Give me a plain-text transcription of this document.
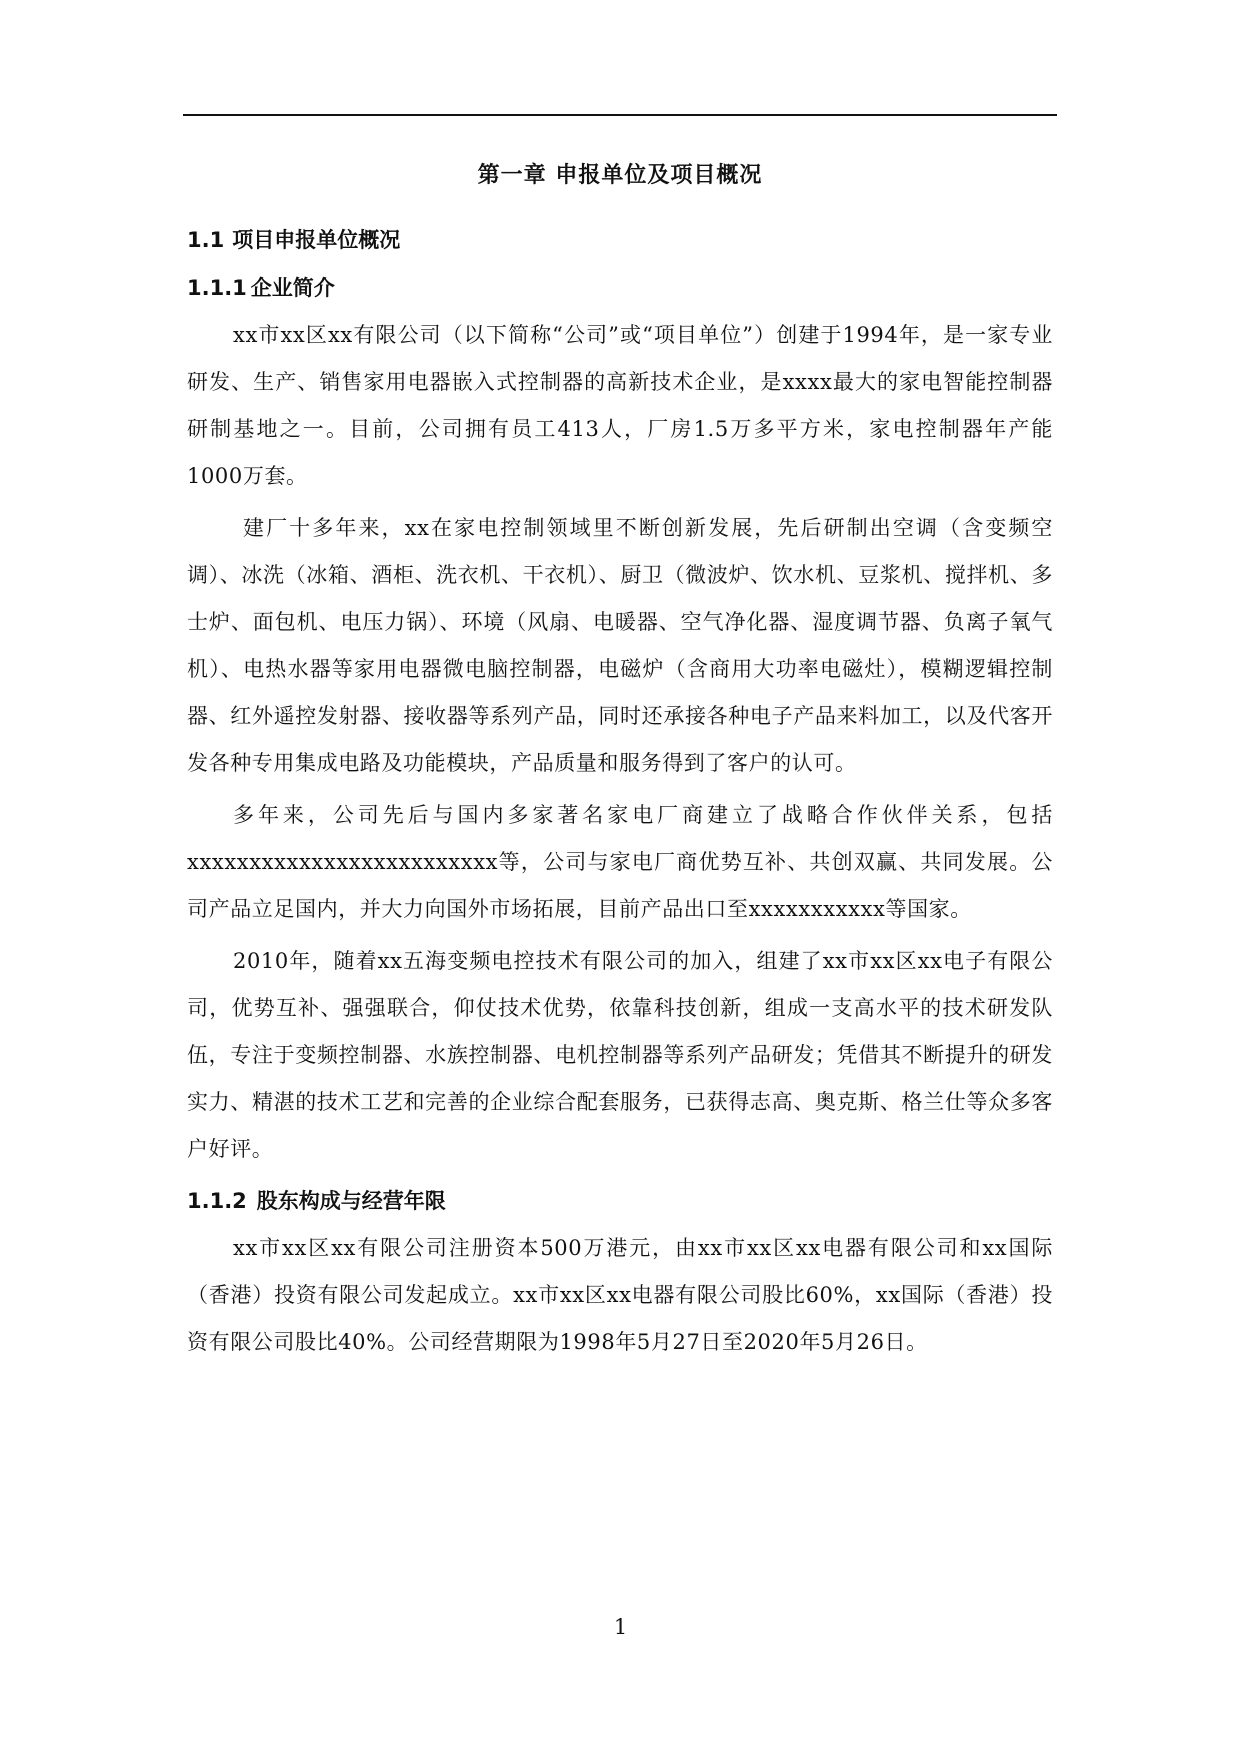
第一章 申报单位及项目概况
1.1 项目申报单位概况
1.1.1 企业简介

xx市xx区xx有限公司（以下简称“公司”或“项目单位”）创建于1994年，是一家专业研发、生产、销售家用电器嵌入式控制器的高新技术企业，是xxxx最大的家电智能控制器研制基地之一。目前，公司拥有员工413人，厂房1.5万多平方米，家电控制器年产能1000万套。

建厂十多年来，xx在家电控制领域里不断创新发展，先后研制出空调（含变频空调）、冰洗（冰箱、酒柜、洗衣机、干衣机）、厨卫（微波炉、饮水机、豆浆机、搅拌机、多士炉、面包机、电压力锅）、环境（风扇、电暖器、空气净化器、湿度调节器、负离子氧气机）、电热水器等家用电器微电脑控制器，电磁炉（含商用大功率电磁灶），模糊逻辑控制器、红外遥控发射器、接收器等系列产品，同时还承接各种电子产品来料加工，以及代客开发各种专用集成电路及功能模块，产品质量和服务得到了客户的认可。

多年来，公司先后与国内多家著名家电厂商建立了战略合作伙伴关系，包括xxxxxxxxxxxxxxxxxxxxxxxxx等，公司与家电厂商优势互补、共创双赢、共同发展。公司产品立足国内，并大力向国外市场拓展，目前产品出口至xxxxxxxxxxx等国家。

2010年，随着xx五海变频电控技术有限公司的加入，组建了xx市xx区xx电子有限公司，优势互补、强强联合，仰仗技术优势，依靠科技创新，组成一支高水平的技术研发队伍，专注于变频控制器、水族控制器、电机控制器等系列产品研发；凭借其不断提升的研发实力、精湛的技术工艺和完善的企业综合配套服务，已获得志高、奥克斯、格兰仕等众多客户好评。

1.1.2 股东构成与经营年限

xx市xx区xx有限公司注册资本500万港元，由xx市xx区xx电器有限公司和xx国际（香港）投资有限公司发起成立。xx市xx区xx电器有限公司股比60%，xx国际（香港）投资有限公司股比40%。公司经营期限为1998年5月27日至2020年5月26日。

1
